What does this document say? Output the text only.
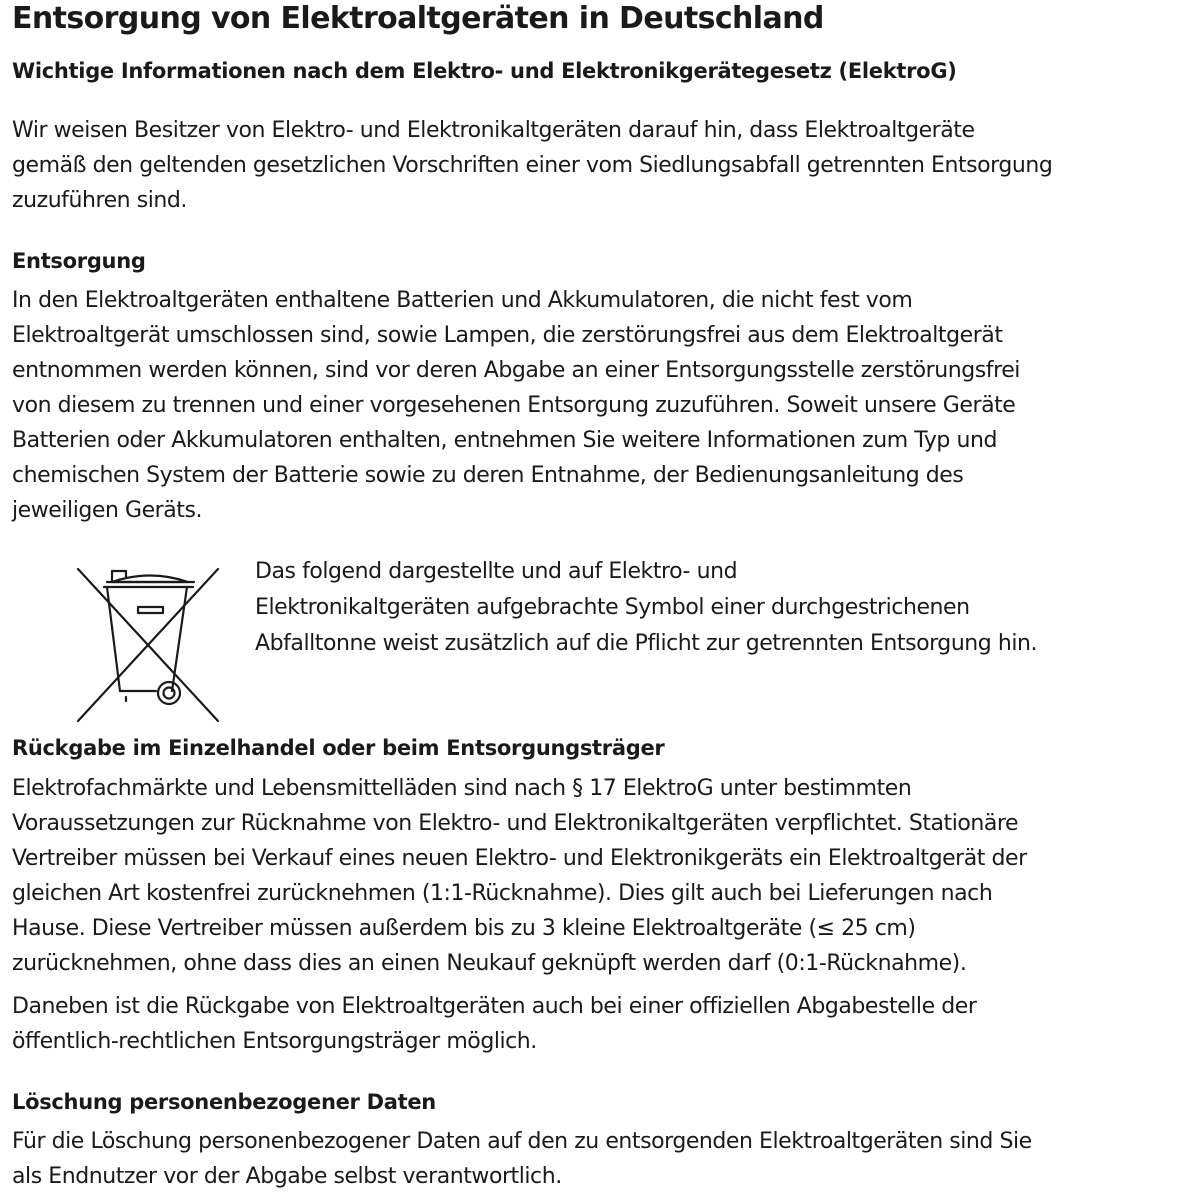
Entsorgung von Elektroaltgeräten in Deutschland
Wichtige Informationen nach dem Elektro- und Elektronikgerätegesetz (ElektroG)

Wir weisen Besitzer von Elektro- und Elektronikaltgeräten darauf hin, dass Elektroaltgeräte
gemäß den geltenden gesetzlichen Vorschriften einer vom Siedlungsabfall getrennten Entsorgung
zuzuführen sind.

Entsorgung

In den Elektroaltgeräten enthaltene Batterien und Akkumulatoren, die nicht fest vom
Elektroaltgerät umschlossen sind, sowie Lampen, die zerstörungsfrei aus dem Elektroaltgerät
entnommen werden können, sind vor deren Abgabe an einer Entsorgungsstelle zerstörungsfrei
von diesem zu trennen und einer vorgesehenen Entsorgung zuzuführen. Soweit unsere Geräte
Batterien oder Akkumulatoren enthalten, entnehmen Sie weitere Informationen zum Typ und
chemischen System der Batterie sowie zu deren Entnahme, der Bedienungsanleitung des
jeweiligen Geräts.

Das folgend dargestellte und auf Elektro- und
Elektronikaltgeräten aufgebrachte Symbol einer durchgestrichenen
Abfalltonne weist zusätzlich auf die Pflicht zur getrennten Entsorgung hin.

Rückgabe im Einzelhandel oder beim Entsorgungsträger

Elektrofachmärkte und Lebensmittelläden sind nach § 17 ElektroG unter bestimmten
Voraussetzungen zur Rücknahme von Elektro- und Elektronikaltgeräten verpflichtet. Stationäre
Vertreiber müssen bei Verkauf eines neuen Elektro- und Elektronikgeräts ein Elektroaltgerät der
gleichen Art kostenfrei zurücknehmen (1:1-Rücknahme). Dies gilt auch bei Lieferungen nach
Hause. Diese Vertreiber müssen außerdem bis zu 3 kleine Elektroaltgeräte (≤ 25 cm)
zurücknehmen, ohne dass dies an einen Neukauf geknüpft werden darf (0:1-Rücknahme).

Daneben ist die Rückgabe von Elektroaltgeräten auch bei einer offiziellen Abgabestelle der
öffentlich-rechtlichen Entsorgungsträger möglich.

Löschung personenbezogener Daten

Für die Löschung personenbezogener Daten auf den zu entsorgenden Elektroaltgeräten sind Sie
als Endnutzer vor der Abgabe selbst verantwortlich.
